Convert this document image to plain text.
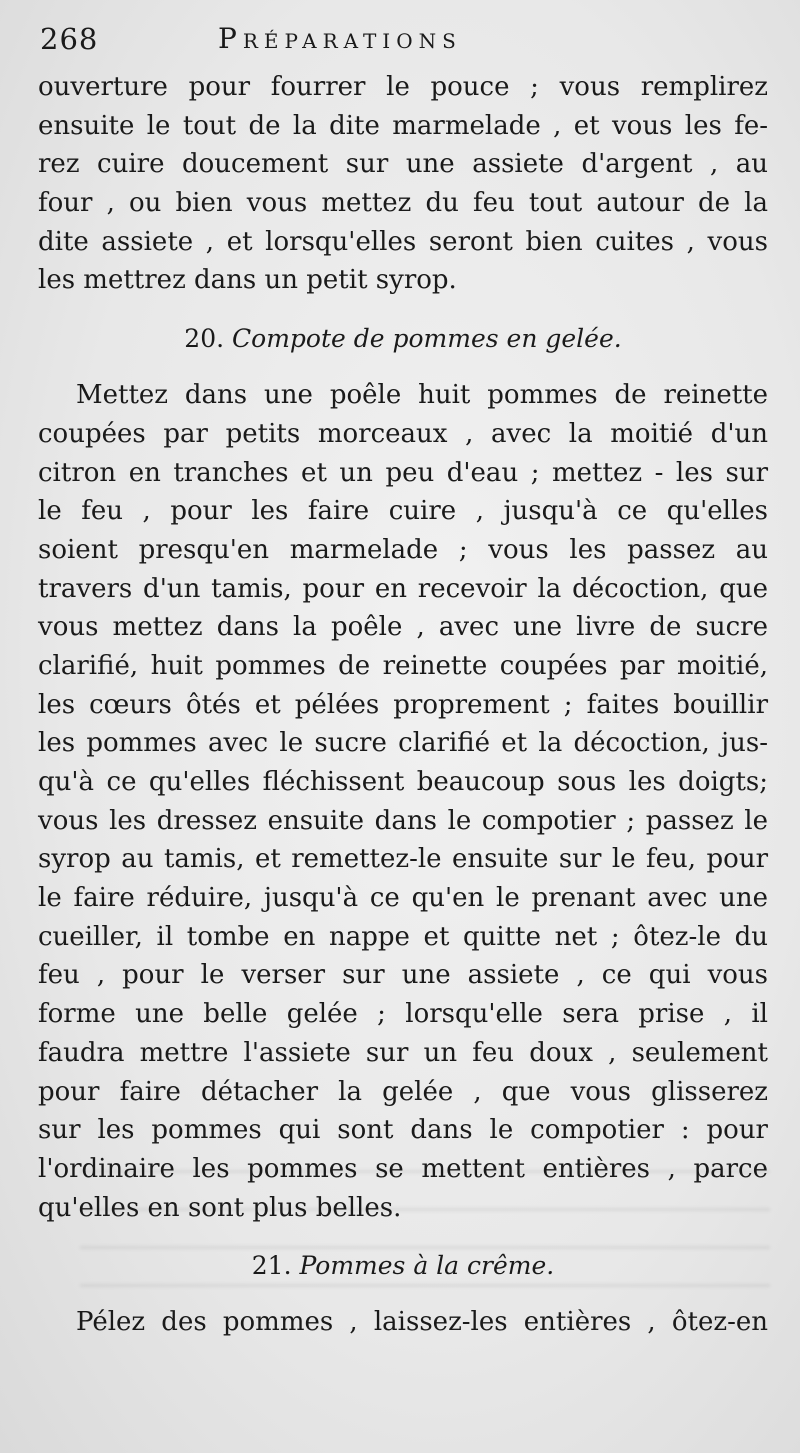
268	Préparations
ouverture pour fourrer le pouce ; vous remplirez
ensuite le tout de la dite marmelade , et vous les fe-
rez cuire doucement sur une assiete d'argent , au
four , ou bien vous mettez du feu tout autour de la
dite assiete , et lorsqu'elles seront bien cuites , vous
les mettrez dans un petit syrop.
20. Compote de pommes en gelée.
Mettez dans une poêle huit pommes de reinette
coupées par petits morceaux , avec la moitié d'un
citron en tranches et un peu d'eau ; mettez - les sur
le feu , pour les faire cuire , jusqu'à ce qu'elles
soient presqu'en marmelade ; vous les passez au
travers d'un tamis, pour en recevoir la décoction, que
vous mettez dans la poêle , avec une livre de sucre
clarifié, huit pommes de reinette coupées par moitié,
les cœurs ôtés et pélées proprement ; faites bouillir
les pommes avec le sucre clarifié et la décoction, jus-
qu'à ce qu'elles fléchissent beaucoup sous les doigts;
vous les dressez ensuite dans le compotier ; passez le
syrop au tamis, et remettez-le ensuite sur le feu, pour
le faire réduire, jusqu'à ce qu'en le prenant avec une
cueiller, il tombe en nappe et quitte net ; ôtez-le du
feu , pour le verser sur une assiete , ce qui vous
forme une belle gelée ; lorsqu'elle sera prise , il
faudra mettre l'assiete sur un feu doux , seulement
pour faire détacher la gelée , que vous glisserez
sur les pommes qui sont dans le compotier : pour
l'ordinaire les pommes se mettent entières , parce
qu'elles en sont plus belles.
21. Pommes à la crême.
Pélez des pommes , laissez-les entières , ôtez-en
